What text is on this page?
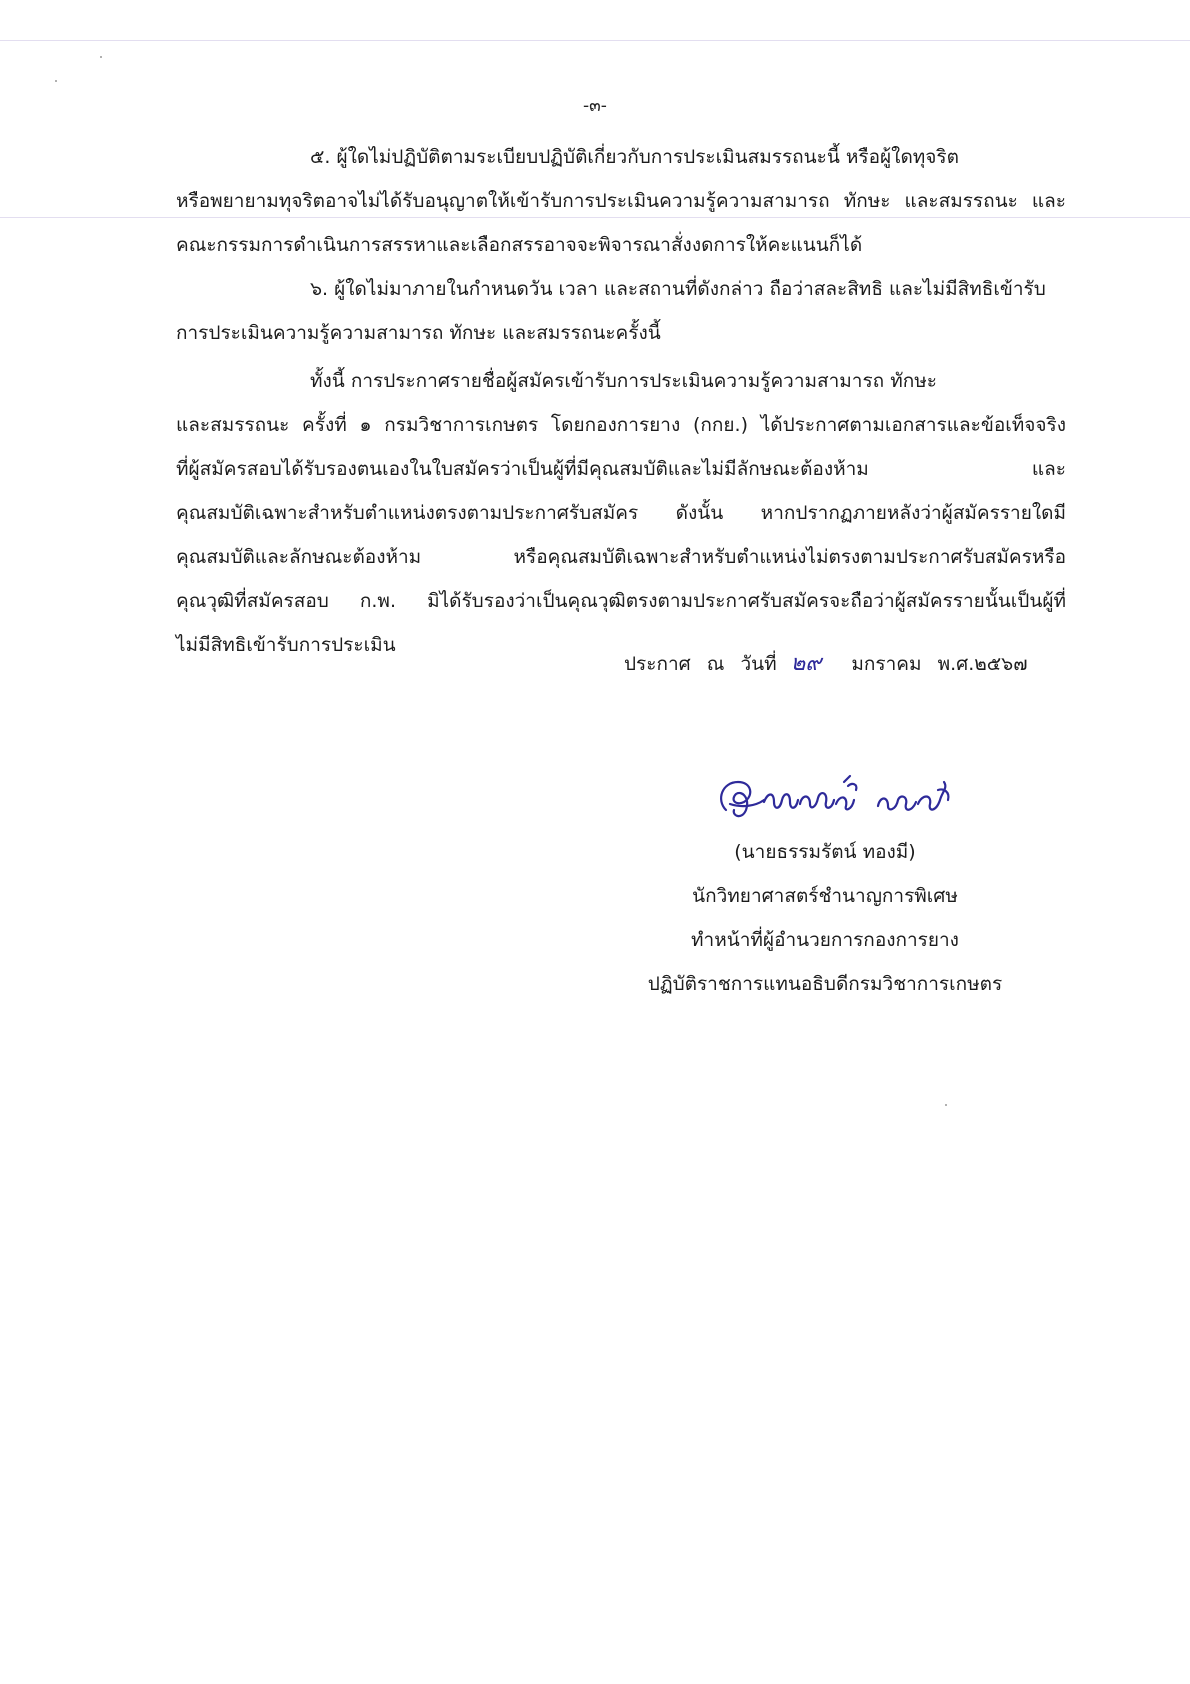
-๓-
๕. ผู้ใดไม่ปฏิบัติตามระเบียบปฏิบัติเกี่ยวกับการประเมินสมรรถนะนี้ หรือผู้ใดทุจริต
หรือพยายามทุจริตอาจไม่ได้รับอนุญาตให้เข้ารับการประเมินความรู้ความสามารถ ทักษะ และสมรรถนะ และ
คณะกรรมการดำเนินการสรรหาและเลือกสรรอาจจะพิจารณาสั่งงดการให้คะแนนก็ได้
๖. ผู้ใดไม่มาภายในกำหนดวัน เวลา และสถานที่ดังกล่าว ถือว่าสละสิทธิ และไม่มีสิทธิเข้ารับ
การประเมินความรู้ความสามารถ ทักษะ และสมรรถนะครั้งนี้
ทั้งนี้ การประกาศรายชื่อผู้สมัครเข้ารับการประเมินความรู้ความสามารถ ทักษะ
และสมรรถนะ ครั้งที่ ๑ กรมวิชาการเกษตร โดยกองการยาง (กกย.) ได้ประกาศตามเอกสารและข้อเท็จจริง
ที่ผู้สมัครสอบได้รับรองตนเองในใบสมัครว่าเป็นผู้ที่มีคุณสมบัติและไม่มีลักษณะต้องห้าม และ
คุณสมบัติเฉพาะสำหรับตำแหน่งตรงตามประกาศรับสมัคร ดังนั้น หากปรากฏภายหลังว่าผู้สมัครรายใดมี
คุณสมบัติและลักษณะต้องห้าม หรือคุณสมบัติเฉพาะสำหรับตำแหน่งไม่ตรงตามประกาศรับสมัครหรือ
คุณวุฒิที่สมัครสอบ ก.พ. มิได้รับรองว่าเป็นคุณวุฒิตรงตามประกาศรับสมัครจะถือว่าผู้สมัครรายนั้นเป็นผู้ที่
ไม่มีสิทธิเข้ารับการประเมิน
ประกาศ ณ วันที่ ๒๙ มกราคม พ.ศ.๒๕๖๗
(นายธรรมรัตน์ ทองมี)
นักวิทยาศาสตร์ชำนาญการพิเศษ
ทำหน้าที่ผู้อำนวยการกองการยาง
ปฏิบัติราชการแทนอธิบดีกรมวิชาการเกษตร
